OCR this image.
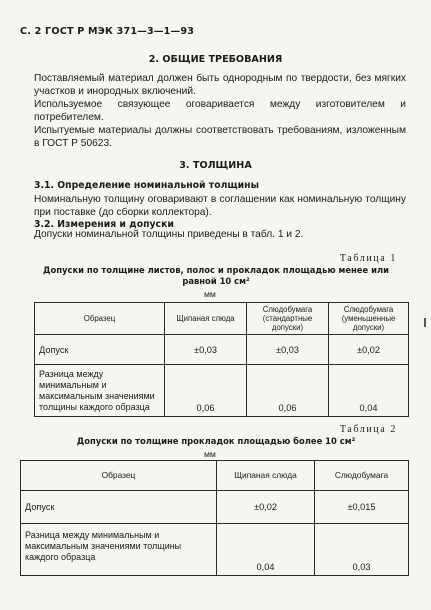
С. 2 ГОСТ Р МЭК 371—3—1—93
2. ОБЩИЕ ТРЕБОВАНИЯ
Поставляемый материал должен быть однородным по твердости, без мягких участков и инородных включений.
Используемое связующее оговаривается между изготовителем и потребителем.
Испытуемые материалы должны соответствовать требованиям, изложенным в ГОСТ Р 50623.
3. ТОЛЩИНА
3.1. Определение номинальной толщины
Номинальную толщину оговаривают в соглашении как номинальную толщину при поставке (до сборки коллектора).
3.2. Измерения и допуски
Допуски номинальной толщины приведены в табл. 1 и 2.
Таблица 1
Допуски по толщине листов, полос и прокладок площадью менее или равной 10 см²
мм
Образец	Щипаная слюда	Слюдобумага (стандартные допуски)	Слюдобумага (уменьшенные допуски)
Допуск	±0,03	±0,03	±0,02
Разница между минимальным и максимальным значениями толщины каждого образца	0,06	0,06	0,04
Таблица 2
Допуски по толщине прокладок площадью более 10 см²
мм
Образец	Щипаная слюда	Слюдобумага
Допуск	±0,02	±0,015
Разница между минимальным и максимальным значениями толщины каждого образца	0,04	0,03
